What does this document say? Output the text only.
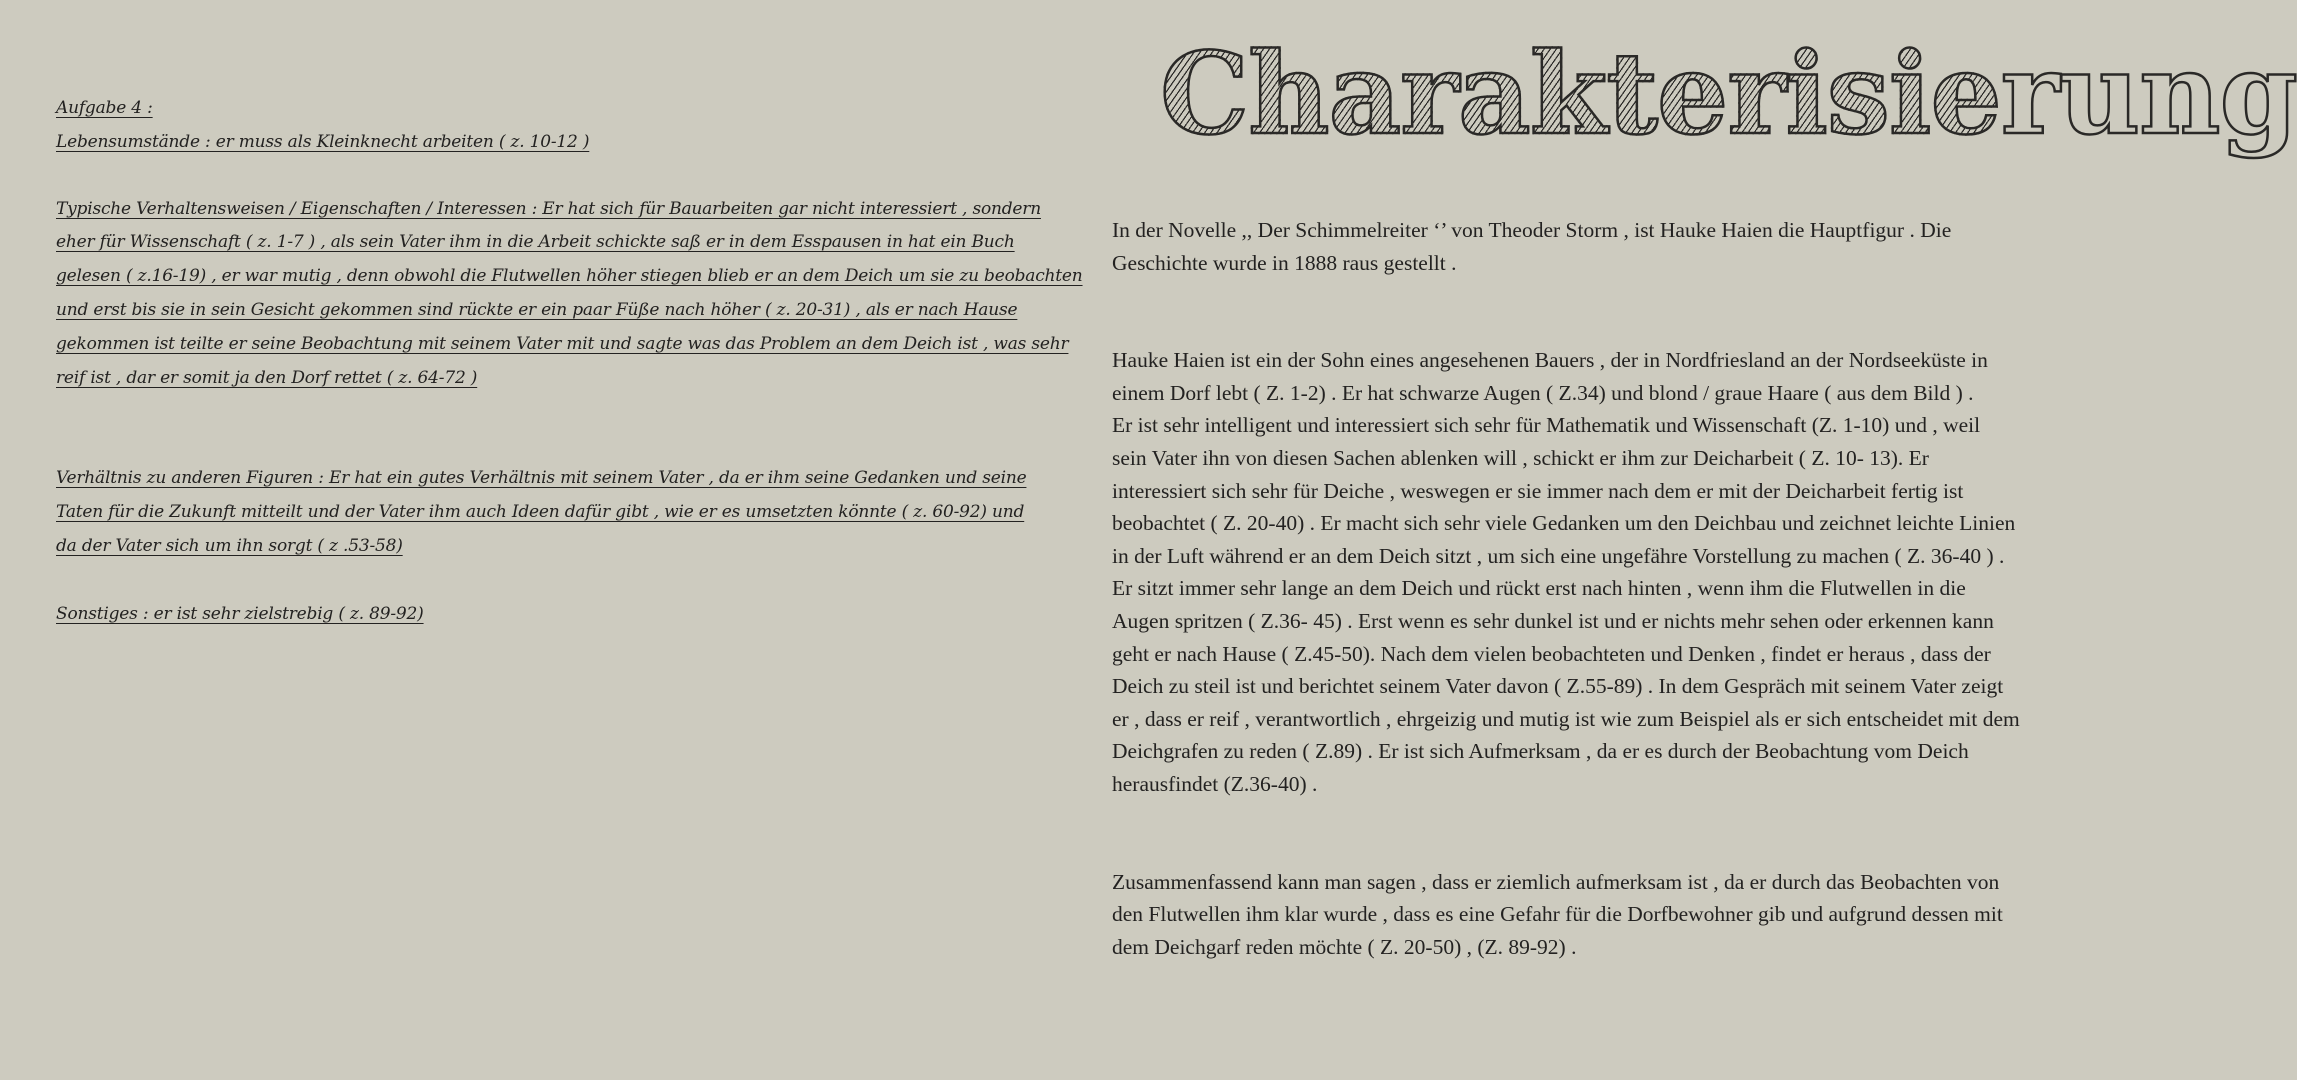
Aufgabe 4 :
Lebensumstände : er muss als Kleinknecht arbeiten ( z. 10-12 )
Typische Verhaltensweisen / Eigenschaften / Interessen : Er hat sich für Bauarbeiten gar nicht interessiert , sondern
eher für Wissenschaft ( z. 1-7 ) , als sein Vater ihm in die Arbeit schickte saß er in dem Esspausen in hat ein Buch
gelesen ( z.16-19) , er war mutig , denn obwohl die Flutwellen höher stiegen blieb er an dem Deich um sie zu beobachten
und erst bis sie in sein Gesicht gekommen sind rückte er ein paar Füße nach höher ( z. 20-31) , als er nach Hause
gekommen ist teilte er seine Beobachtung mit seinem Vater mit und sagte was das Problem an dem Deich ist , was sehr
reif ist , dar er somit ja den Dorf rettet ( z. 64-72 )
Verhältnis zu anderen Figuren : Er hat ein gutes Verhältnis mit seinem Vater , da er ihm seine Gedanken und seine
Taten für die Zukunft mitteilt und der Vater ihm auch Ideen dafür gibt , wie er es umsetzten könnte ( z. 60-92) und
da der Vater sich um ihn sorgt ( z .53-58)
Sonstiges : er ist sehr zielstrebig ( z. 89-92)
Charakterisierung

In der Novelle ,, Der Schimmelreiter ‘’ von Theoder Storm , ist Hauke Haien die Hauptfigur . Die
Geschichte wurde in 1888 raus gestellt .

Hauke Haien ist ein der Sohn eines angesehenen Bauers , der in Nordfriesland an der Nordseeküste in
einem Dorf lebt ( Z. 1-2) . Er hat schwarze Augen ( Z.34) und blond / graue Haare ( aus dem Bild ) .
Er ist sehr intelligent und interessiert sich sehr für Mathematik und Wissenschaft (Z. 1-10) und , weil
sein Vater ihn von diesen Sachen ablenken will , schickt er ihm zur Deicharbeit ( Z. 10- 13). Er
interessiert sich sehr für Deiche , weswegen er sie immer nach dem er mit der Deicharbeit fertig ist
beobachtet ( Z. 20-40) . Er macht sich sehr viele Gedanken um den Deichbau und zeichnet leichte Linien
in der Luft während er an dem Deich sitzt , um sich eine ungefähre Vorstellung zu machen ( Z. 36-40 ) .
Er sitzt immer sehr lange an dem Deich und rückt erst nach hinten , wenn ihm die Flutwellen in die
Augen spritzen ( Z.36- 45) . Erst wenn es sehr dunkel ist und er nichts mehr sehen oder erkennen kann
geht er nach Hause ( Z.45-50). Nach dem vielen beobachteten und Denken , findet er heraus , dass der
Deich zu steil ist und berichtet seinem Vater davon ( Z.55-89) . In dem Gespräch mit seinem Vater zeigt
er , dass er reif , verantwortlich , ehrgeizig und mutig ist wie zum Beispiel als er sich entscheidet mit dem
Deichgrafen zu reden ( Z.89) . Er ist sich Aufmerksam , da er es durch der Beobachtung vom Deich
herausfindet (Z.36-40) .

Zusammenfassend kann man sagen , dass er ziemlich aufmerksam ist , da er durch das Beobachten von
den Flutwellen ihm klar wurde , dass es eine Gefahr für die Dorfbewohner gib und aufgrund dessen mit
dem Deichgarf reden möchte ( Z. 20-50) , (Z. 89-92) .
